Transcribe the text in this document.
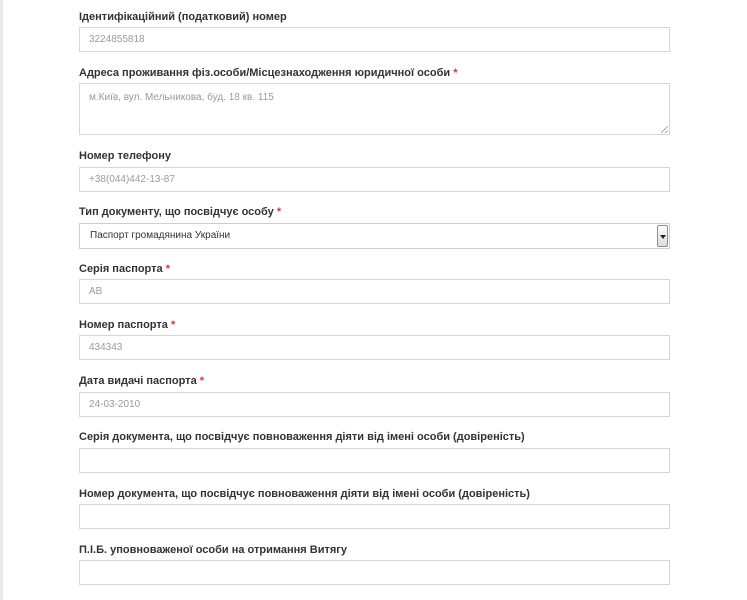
Ідентифікаційний (податковий) номер
3224855818
Адреса проживання фіз.особи/Місцезнаходження юридичної особи *
м.Київ, вул. Мельникова, буд. 18 кв. 115
Номер телефону
+38(044)442-13-87
Тип документу, що посвідчує особу *
Паспорт громадянина України
Серія паспорта *
АВ
Номер паспорта *
434343
Дата видачі паспорта *
24-03-2010
Серія документа, що посвідчує повноваження діяти від імені особи (довіреність)
Номер документа, що посвідчує повноваження діяти від імені особи (довіреність)
П.І.Б. уповноваженої особи на отримання Витягу
